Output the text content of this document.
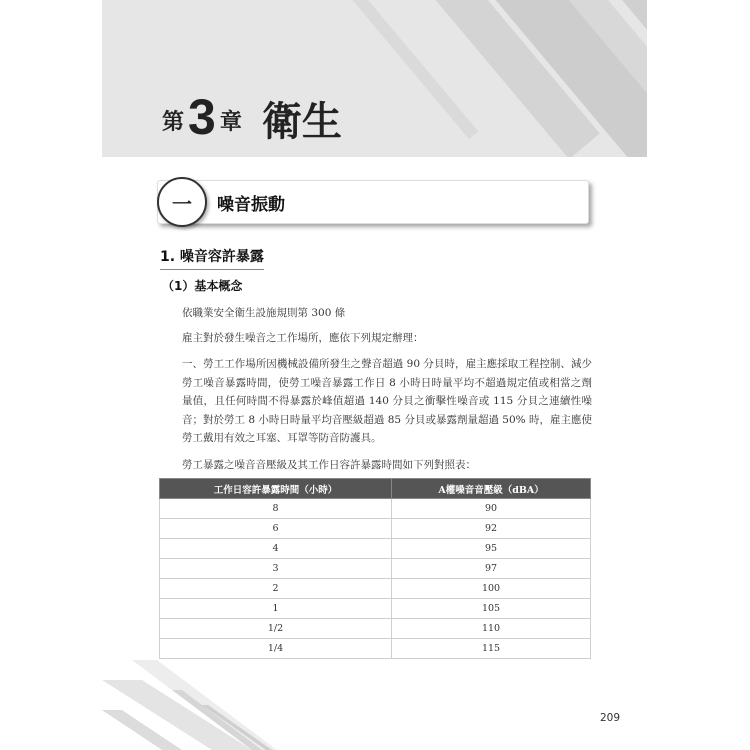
第 3 章 衛生
一	噪音振動
1. 噪音容許暴露
（1）基本概念
依職業安全衛生設施規則第 300 條
雇主對於發生噪音之工作場所，應依下列規定辦理：
一、勞工工作場所因機械設備所發生之聲音超過 90 分貝時，雇主應採取工程控制、減少勞工噪音暴露時間，使勞工噪音暴露工作日 8 小時日時量平均不超過規定值或相當之劑量值，且任何時間不得暴露於峰值超過 140 分貝之衝擊性噪音或 115 分貝之連續性噪音；對於勞工 8 小時日時量平均音壓級超過 85 分貝或暴露劑量超過 50% 時，雇主應使勞工戴用有效之耳塞、耳罩等防音防護具。
勞工暴露之噪音音壓級及其工作日容許暴露時間如下列對照表：
工作日容許暴露時間（小時）	A權噪音音壓級（dBA）
8	90
6	92
4	95
3	97
2	100
1	105
1/2	110
1/4	115
209
